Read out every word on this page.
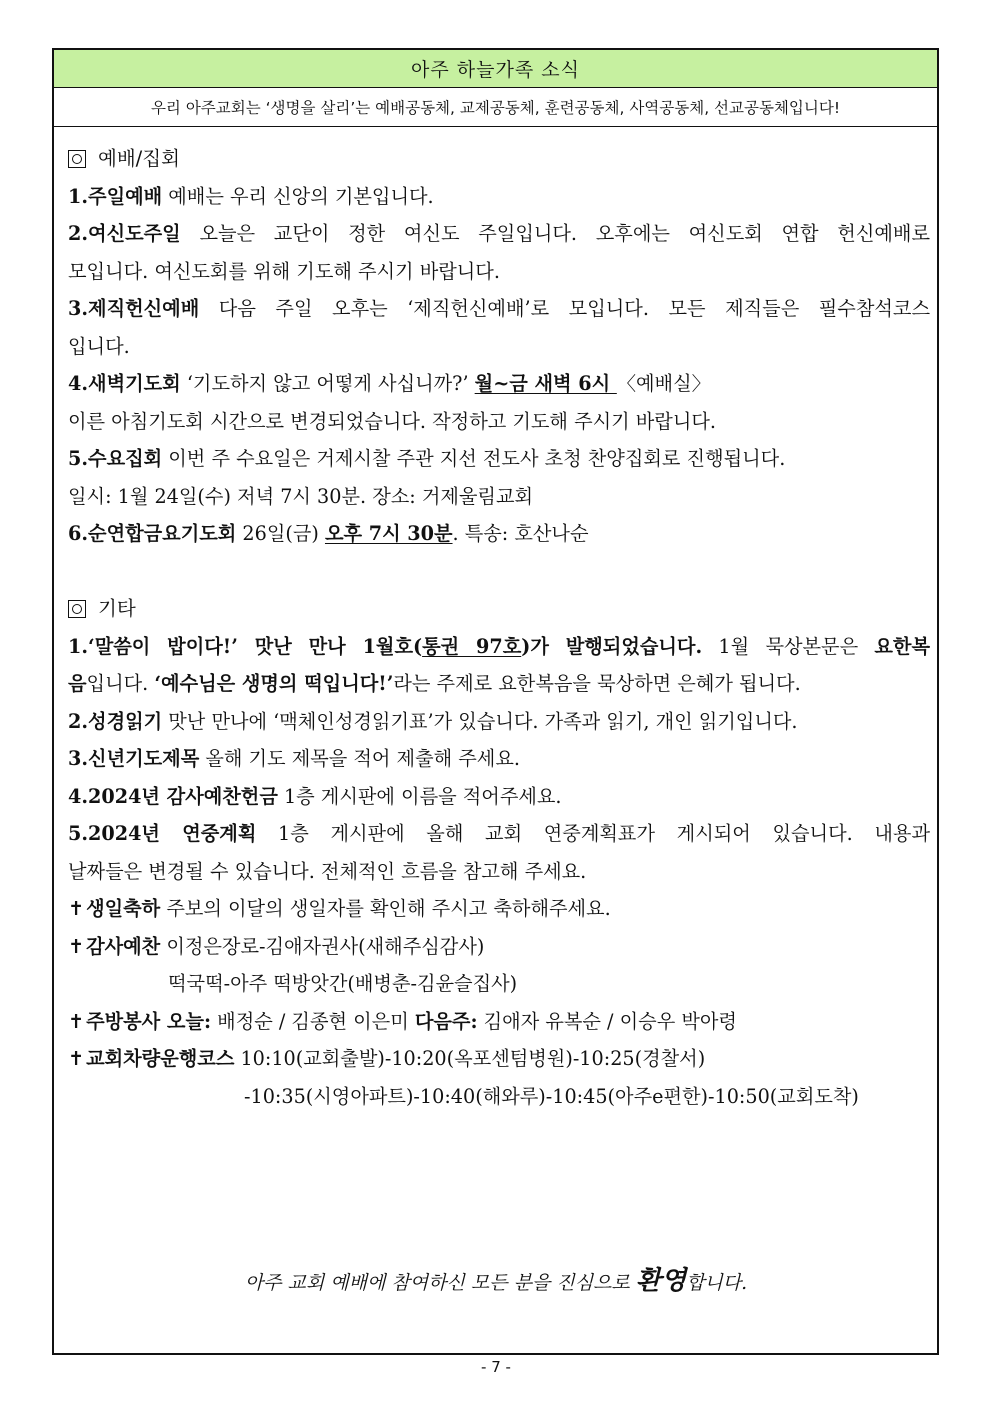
아주 하늘가족 소식
우리 아주교회는 ‘생명을 살리’는 예배공동체, 교제공동체, 훈련공동체, 사역공동체, 선교공동체입니다!
예배/집회
1.주일예배 예배는 우리 신앙의 기본입니다.
2.여신도주일 오늘은 교단이 정한 여신도 주일입니다. 오후에는 여신도회 연합 헌신예배로
모입니다. 여신도회를 위해 기도해 주시기 바랍니다.
3.제직헌신예배 다음 주일 오후는 ‘제직헌신예배’로 모입니다. 모든 제직들은 필수참석코스
입니다.
4.새벽기도회 ‘기도하지 않고 어떻게 사십니까?’ 월~금 새벽 6시 〈예배실〉
이른 아침기도회 시간으로 변경되었습니다. 작정하고 기도해 주시기 바랍니다.
5.수요집회 이번 주 수요일은 거제시찰 주관 지선 전도사 초청 찬양집회로 진행됩니다.
일시: 1월 24일(수) 저녁 7시 30분. 장소: 거제울림교회
6.순연합금요기도회 26일(금) 오후 7시 30분. 특송: 호산나순
기타
1.‘말씀이 밥이다!’ 맛난 만나 1월호(통권 97호)가 발행되었습니다. 1월 묵상본문은 요한복
음입니다. ‘예수님은 생명의 떡입니다!’라는 주제로 요한복음을 묵상하면 은혜가 됩니다.
2.성경읽기 맛난 만나에 ‘맥체인성경읽기표’가 있습니다. 가족과 읽기, 개인 읽기입니다.
3.신년기도제목 올해 기도 제목을 적어 제출해 주세요.
4.2024년 감사예찬헌금 1층 게시판에 이름을 적어주세요.
5.2024년 연중계획 1층 게시판에 올해 교회 연중계획표가 게시되어 있습니다. 내용과
날짜들은 변경될 수 있습니다. 전체적인 흐름을 참고해 주세요.
✝ 생일축하 주보의 이달의 생일자를 확인해 주시고 축하해주세요.
✝ 감사예찬 이정은장로-김애자권사(새해주심감사)
떡국떡-아주 떡방앗간(배병춘-김윤슬집사)
✝ 주방봉사 오늘: 배정순 / 김종현 이은미 다음주: 김애자 유복순 / 이승우 박아령
✝ 교회차량운행코스 10:10(교회출발)-10:20(옥포센텀병원)-10:25(경찰서)
-10:35(시영아파트)-10:40(해와루)-10:45(아주e편한)-10:50(교회도착)
아주 교회 예배에 참여하신 모든 분을 진심으로 환영합니다.
- 7 -
